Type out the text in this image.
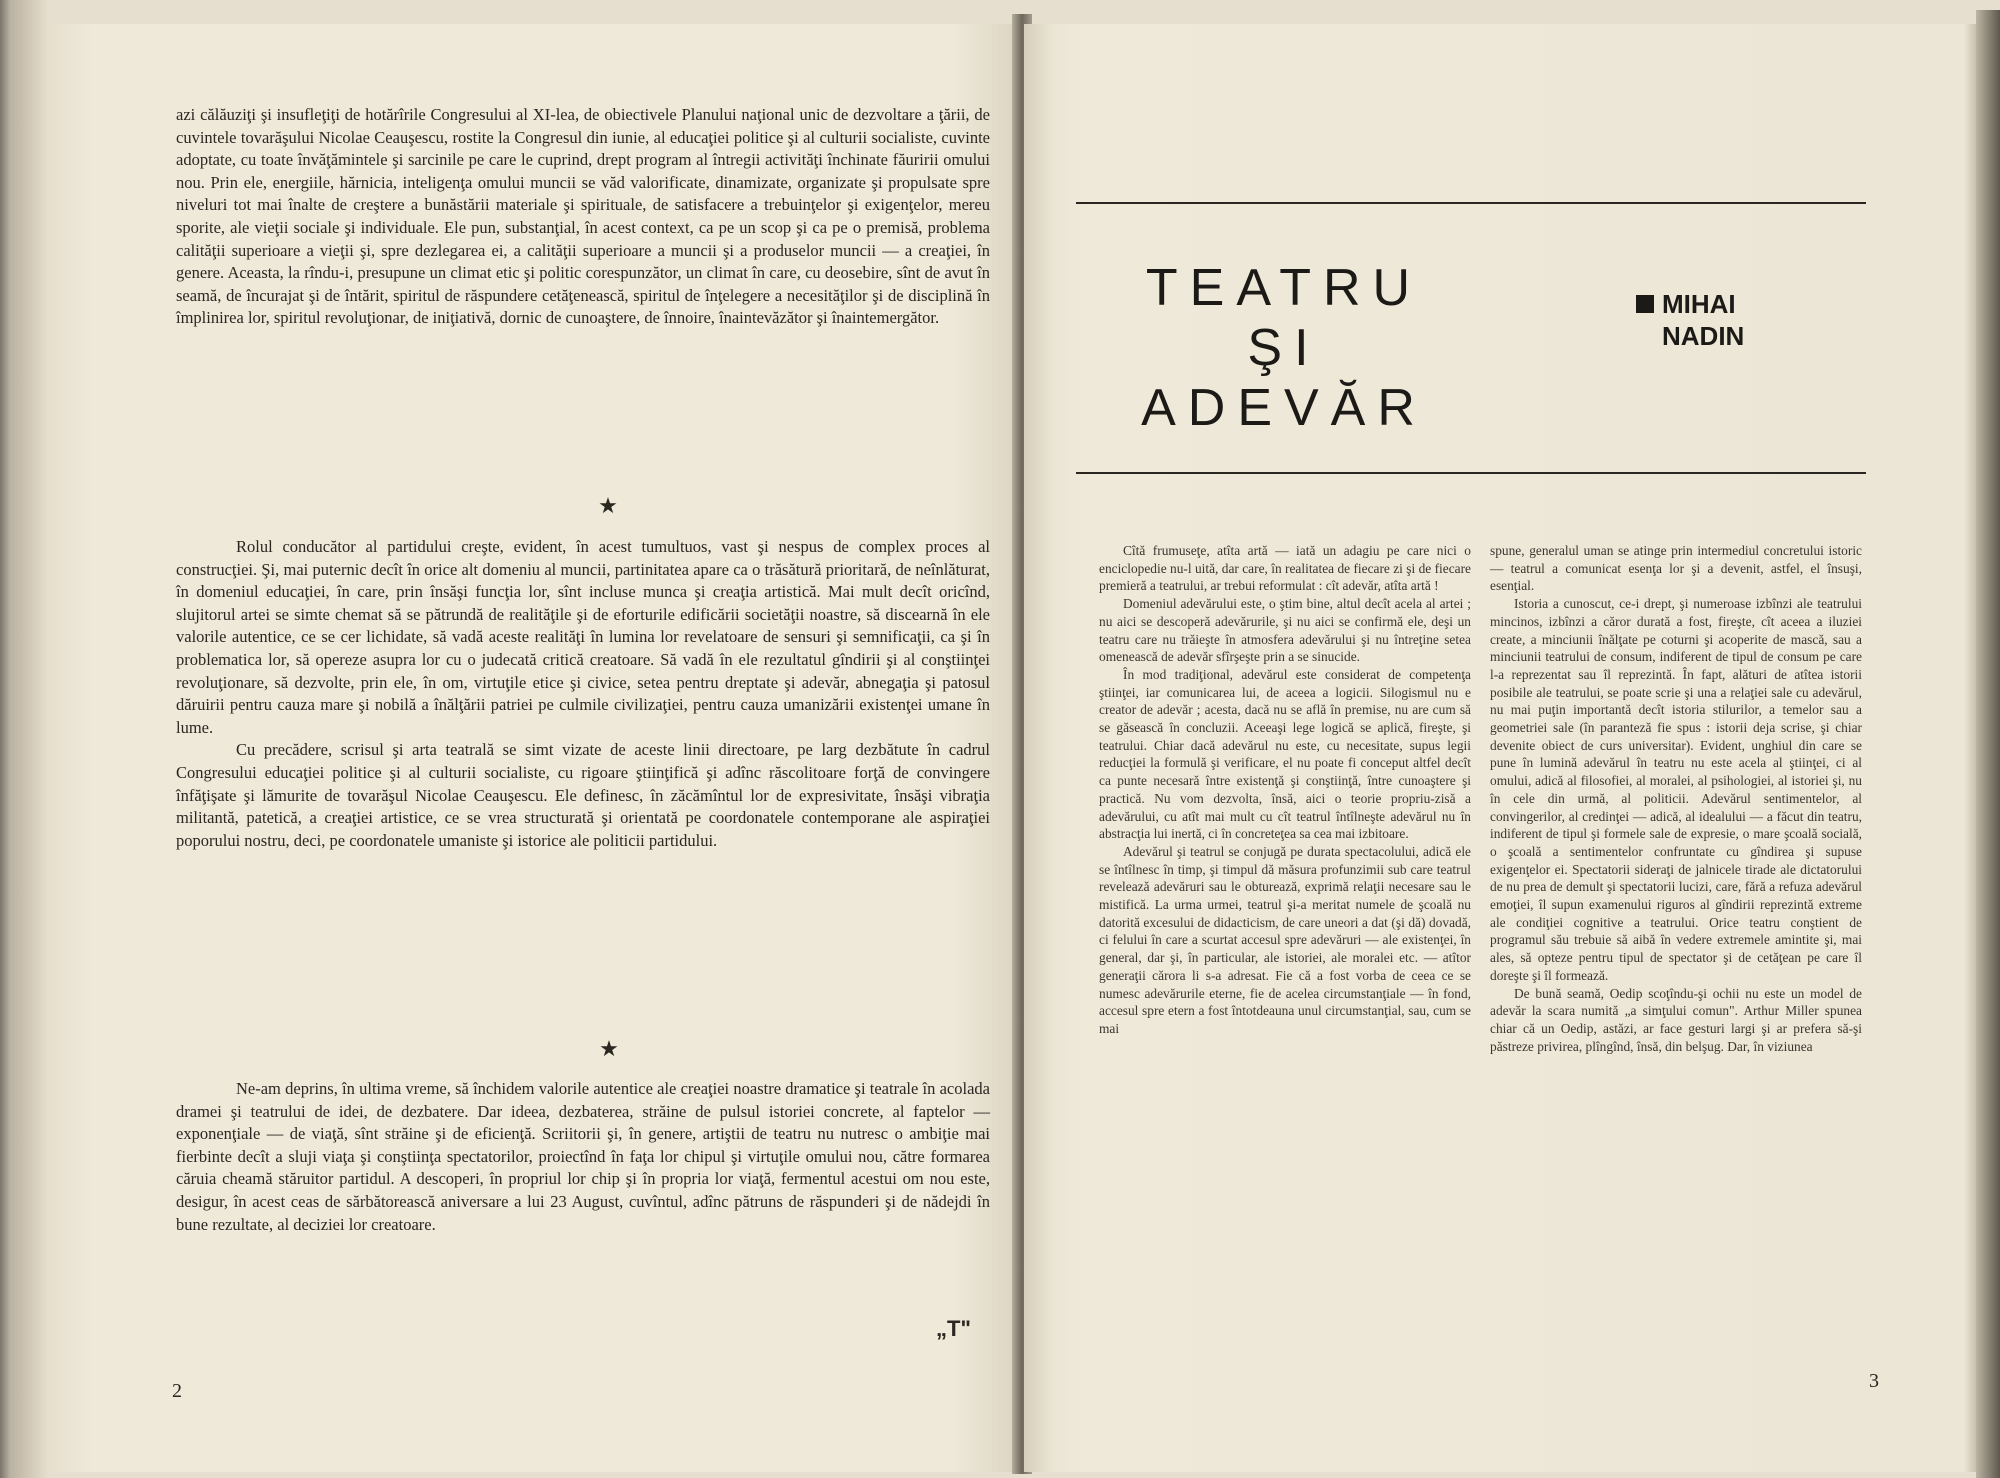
azi călăuziţi şi insufleţiţi de hotărîrile Congresului al XI-lea, de obiectivele Planului naţional unic de dezvoltare a ţării, de cuvintele tovarăşului Nicolae Ceauşescu, rostite la Congresul din iunie, al educaţiei politice şi al culturii socialiste, cuvinte adoptate, cu toate învăţămintele şi sarcinile pe care le cuprind, drept program al întregii activităţi închinate făuririi omului nou. Prin ele, energiile, hărnicia, inteligenţa omului muncii se văd valorificate, dinamizate, organizate şi propulsate spre niveluri tot mai înalte de creştere a bunăstării materiale şi spirituale, de satisfacere a trebuinţelor şi exigenţelor, mereu sporite, ale vieţii sociale şi individuale. Ele pun, substanţial, în acest context, ca pe un scop şi ca pe o premisă, problema calităţii superioare a vieţii şi, spre dezlegarea ei, a calităţii superioare a muncii şi a produselor muncii — a creaţiei, în genere. Aceasta, la rîndu-i, presupune un climat etic şi politic corespunzător, un climat în care, cu deosebire, sînt de avut în seamă, de încurajat şi de întărit, spiritul de răspundere cetăţenească, spiritul de înţelegere a necesităţilor şi de disciplină în împlinirea lor, spiritul revoluţionar, de iniţiativă, dornic de cunoaştere, de înnoire, înaintevăzător şi înaintemergător.

★

Rolul conducător al partidului creşte, evident, în acest tumultuos, vast şi nespus de complex proces al construcţiei. Şi, mai puternic decît în orice alt domeniu al muncii, partinitatea apare ca o trăsătură prioritară, de neînlăturat, în domeniul educaţiei, în care, prin însăşi funcţia lor, sînt incluse munca şi creaţia artistică. Mai mult decît oricînd, slujitorul artei se simte chemat să se pătrundă de realităţile şi de eforturile edificării societăţii noastre, să discearnă în ele valorile autentice, ce se cer lichidate, să vadă aceste realităţi în lumina lor revelatoare de sensuri şi semnificaţii, ca şi în problematica lor, să opereze asupra lor cu o judecată critică creatoare. Să vadă în ele rezultatul gîndirii şi al conştiinţei revoluţionare, să dezvolte, prin ele, în om, virtuţile etice şi civice, setea pentru dreptate şi adevăr, abnegaţia şi patosul dăruirii pentru cauza mare şi nobilă a înălţării patriei pe culmile civilizaţiei, pentru cauza umanizării existenţei umane în lume.

Cu precădere, scrisul şi arta teatrală se simt vizate de aceste linii directoare, pe larg dezbătute în cadrul Congresului educaţiei politice şi al culturii socialiste, cu rigoare ştiinţifică şi adînc răscolitoare forţă de convingere înfăţişate şi lămurite de tovarăşul Nicolae Ceauşescu. Ele definesc, în zăcămîntul lor de expresivitate, însăşi vibraţia militantă, patetică, a creaţiei artistice, ce se vrea structurată şi orientată pe coordonatele contemporane ale aspiraţiei poporului nostru, deci, pe coordonatele umaniste şi istorice ale politicii partidului.

★

Ne-am deprins, în ultima vreme, să închidem valorile autentice ale creaţiei noastre dramatice şi teatrale în acolada dramei şi teatrului de idei, de dezbatere. Dar ideea, dezbaterea, străine de pulsul istoriei concrete, al faptelor — exponenţiale — de viaţă, sînt străine şi de eficienţă. Scriitorii şi, în genere, artiştii de teatru nu nutresc o ambiţie mai fierbinte decît a sluji viaţa şi conştiinţa spectatorilor, proiectînd în faţa lor chipul şi virtuţile omului nou, către formarea căruia cheamă stăruitor partidul. A descoperi, în propriul lor chip şi în propria lor viaţă, fermentul acestui om nou este, desigur, în acest ceas de sărbătorească aniversare a lui 23 August, cuvîntul, adînc pătruns de răspunderi şi de nădejdi în bune rezultate, al deciziei lor creatoare.

„T"
2
TEATRU
ŞI
ADEVĂR
MIHAI
NADIN

Cîtă frumuseţe, atîta artă — iată un adagiu pe care nici o enciclopedie nu-l uită, dar care, în realitatea de fiecare zi şi de fiecare premieră a teatrului, ar trebui reformulat : cît adevăr, atîta artă !

Domeniul adevărului este, o ştim bine, altul decît acela al artei ; nu aici se descoperă adevărurile, şi nu aici se confirmă ele, deşi un teatru care nu trăieşte în atmosfera adevărului şi nu întreţine setea omenească de adevăr sfîrşeşte prin a se sinucide.

În mod tradiţional, adevărul este considerat de competenţa ştiinţei, iar comunicarea lui, de aceea a logicii. Silogismul nu e creator de adevăr ; acesta, dacă nu se află în premise, nu are cum să se găsească în concluzii. Aceeaşi lege logică se aplică, fireşte, şi teatrului. Chiar dacă adevărul nu este, cu necesitate, supus legii reducţiei la formulă şi verificare, el nu poate fi conceput altfel decît ca punte necesară între existenţă şi conştiinţă, între cunoaştere şi practică. Nu vom dezvolta, însă, aici o teorie propriu-zisă a adevărului, cu atît mai mult cu cît teatrul întîlneşte adevărul nu în abstracţia lui inertă, ci în concreteţea sa cea mai izbitoare.

Adevărul şi teatrul se conjugă pe durata spectacolului, adică ele se întîlnesc în timp, şi timpul dă măsura profunzimii sub care teatrul revelează adevăruri sau le obturează, exprimă relaţii necesare sau le mistifică. La urma urmei, teatrul şi-a meritat numele de şcoală nu datorită excesului de didacticism, de care uneori a dat (şi dă) dovadă, ci felului în care a scurtat accesul spre adevăruri — ale existenţei, în general, dar şi, în particular, ale istoriei, ale moralei etc. — atîtor generaţii cărora li s-a adresat. Fie că a fost vorba de ceea ce se numesc adevărurile eterne, fie de acelea circumstanţiale — în fond, accesul spre etern a fost întotdeauna unul circumstanţial, sau, cum se mai

spune, generalul uman se atinge prin intermediul concretului istoric — teatrul a comunicat esenţa lor şi a devenit, astfel, el însuşi, esenţial.

Istoria a cunoscut, ce-i drept, şi numeroase izbînzi ale teatrului mincinos, izbînzi a căror durată a fost, fireşte, cît aceea a iluziei create, a minciunii înălţate pe coturni şi acoperite de mască, sau a minciunii teatrului de consum, indiferent de tipul de consum pe care l-a reprezentat sau îl reprezintă. În fapt, alături de atîtea istorii posibile ale teatrului, se poate scrie şi una a relaţiei sale cu adevărul, nu mai puţin importantă decît istoria stilurilor, a temelor sau a geometriei sale (în paranteză fie spus : istorii deja scrise, şi chiar devenite obiect de curs universitar). Evident, unghiul din care se pune în lumină adevărul în teatru nu este acela al ştiinţei, ci al omului, adică al filosofiei, al moralei, al psihologiei, al istoriei şi, nu în cele din urmă, al politicii. Adevărul sentimentelor, al convingerilor, al credinţei — adică, al idealului — a făcut din teatru, indiferent de tipul şi formele sale de expresie, o mare şcoală socială, o şcoală a sentimentelor confruntate cu gîndirea şi supuse exigenţelor ei. Spectatorii sideraţi de jalnicele tirade ale dictatorului de nu prea de demult şi spectatorii lucizi, care, fără a refuza adevărul emoţiei, îl supun examenului riguros al gîndirii reprezintă extreme ale condiţiei cognitive a teatrului. Orice teatru conştient de programul său trebuie să aibă în vedere extremele amintite şi, mai ales, să opteze pentru tipul de spectator şi de cetăţean pe care îl doreşte şi îl formează.

De bună seamă, Oedip scoţîndu-şi ochii nu este un model de adevăr la scara numită „a simţului comun". Arthur Miller spunea chiar că un Oedip, astăzi, ar face gesturi largi şi ar prefera să-şi păstreze privirea, plîngînd, însă, din belşug. Dar, în viziunea

3
